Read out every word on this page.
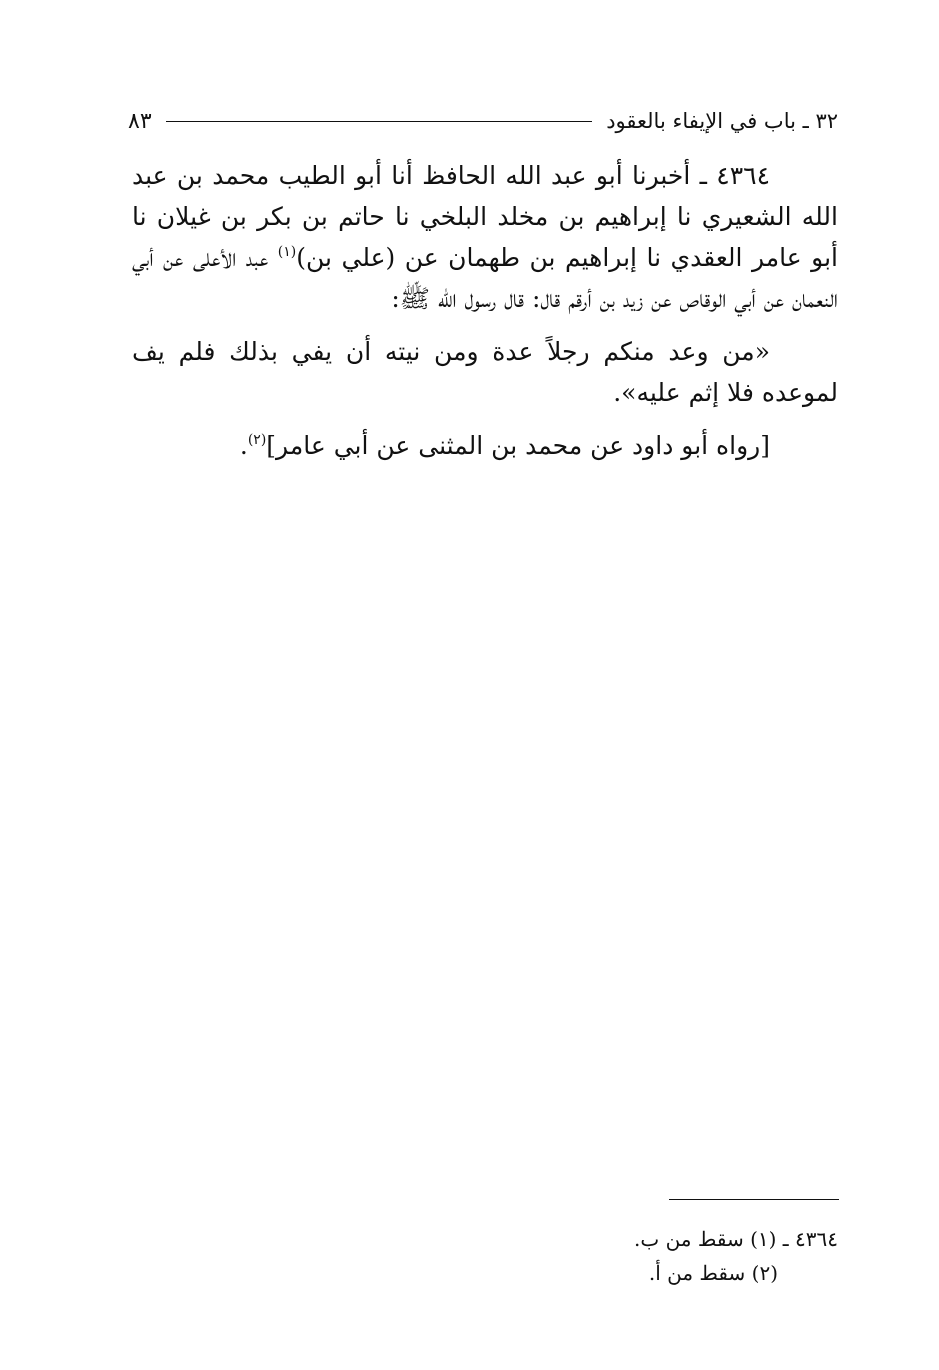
٣٢ ـ باب في الإيفاء بالعقود
٨٣

٤٣٦٤ ـ أخبرنا أبو عبد الله الحافظ أنا أبو الطيب محمد بن عبد الله الشعيري نا إبراهيم بن مخلد البلخي نا حاتم بن بكر بن غيلان نا أبو عامر العقدي نا إبراهيم بن طهمان عن (علي بن)$^{(١)}$ عبد الأعلى عن أبي النعمان عن أبي الوقاص عن زيد بن أرقم قال: قال رسول الله ﷺ:

«من وعد منكم رجلاً عدة ومن نيته أن يفي بذلك فلم يف لموعده فلا إثم عليه».

[رواه أبو داود عن محمد بن المثنى عن أبي عامر]$^{(٢)}$.

٤٣٦٤ ـ (١) سقط من ب.

(٢) سقط من أ.
